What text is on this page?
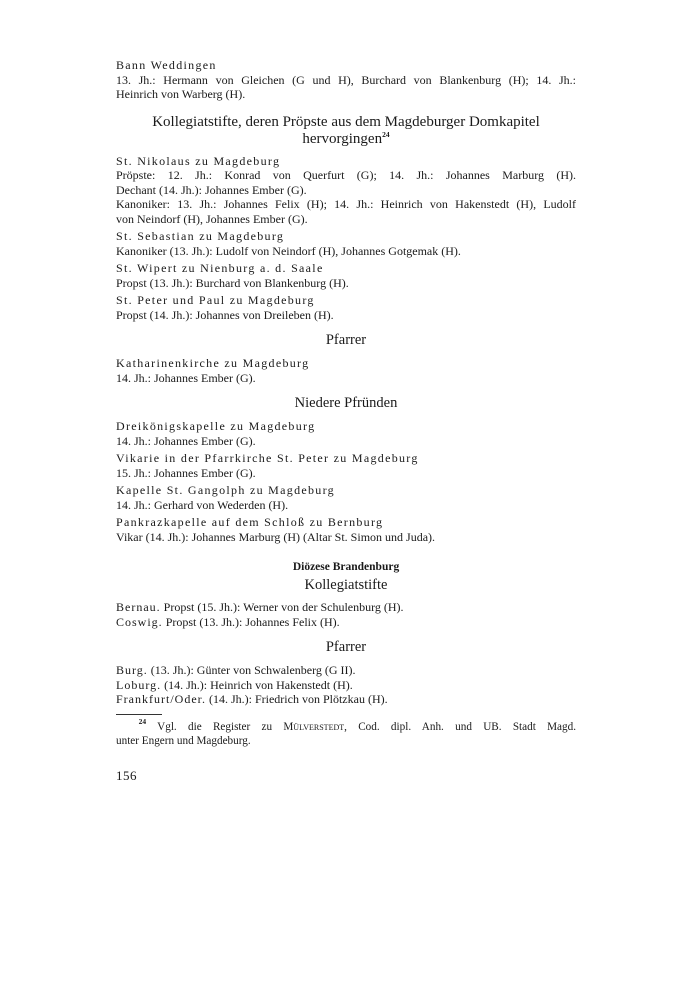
Bann Weddingen
13. Jh.: Hermann von Gleichen (G und H), Burchard von Blankenburg (H); 14. Jh.:
Heinrich von Warberg (H).
Kollegiatstifte, deren Pröpste aus dem Magdeburger Domkapitel
hervorgingen$^{24}$
St. Nikolaus zu Magdeburg
Pröpste: 12. Jh.: Konrad von Querfurt (G); 14. Jh.: Johannes Marburg (H).
Dechant (14. Jh.): Johannes Ember (G).
Kanoniker: 13. Jh.: Johannes Felix (H); 14. Jh.: Heinrich von Hakenstedt (H), Ludolf
von Neindorf (H), Johannes Ember (G).
St. Sebastian zu Magdeburg
Kanoniker (13. Jh.): Ludolf von Neindorf (H), Johannes Gotgemak (H).
St. Wipert zu Nienburg a. d. Saale
Propst (13. Jh.): Burchard von Blankenburg (H).
St. Peter und Paul zu Magdeburg
Propst (14. Jh.): Johannes von Dreileben (H).
Pfarrer
Katharinenkirche zu Magdeburg
14. Jh.: Johannes Ember (G).
Niedere Pfründen
Dreikönigskapelle zu Magdeburg
14. Jh.: Johannes Ember (G).
Vikarie in der Pfarrkirche St. Peter zu Magdeburg
15. Jh.: Johannes Ember (G).
Kapelle St. Gangolph zu Magdeburg
14. Jh.: Gerhard von Wederden (H).
Pankrazkapelle auf dem Schloß zu Bernburg
Vikar (14. Jh.): Johannes Marburg (H) (Altar St. Simon und Juda).
Diözese Brandenburg
Kollegiatstifte
Bernau. Propst (15. Jh.): Werner von der Schulenburg (H).
Coswig. Propst (13. Jh.): Johannes Felix (H).
Pfarrer
Burg. (13. Jh.): Günter von Schwalenberg (G II).
Loburg. (14. Jh.): Heinrich von Hakenstedt (H).
Frankfurt/Oder. (14. Jh.): Friedrich von Plötzkau (H).
$^{24}$ Vgl. die Register zu Mülverstedt, Cod. dipl. Anh. und UB. Stadt Magd.
unter Engern und Magdeburg.
156
